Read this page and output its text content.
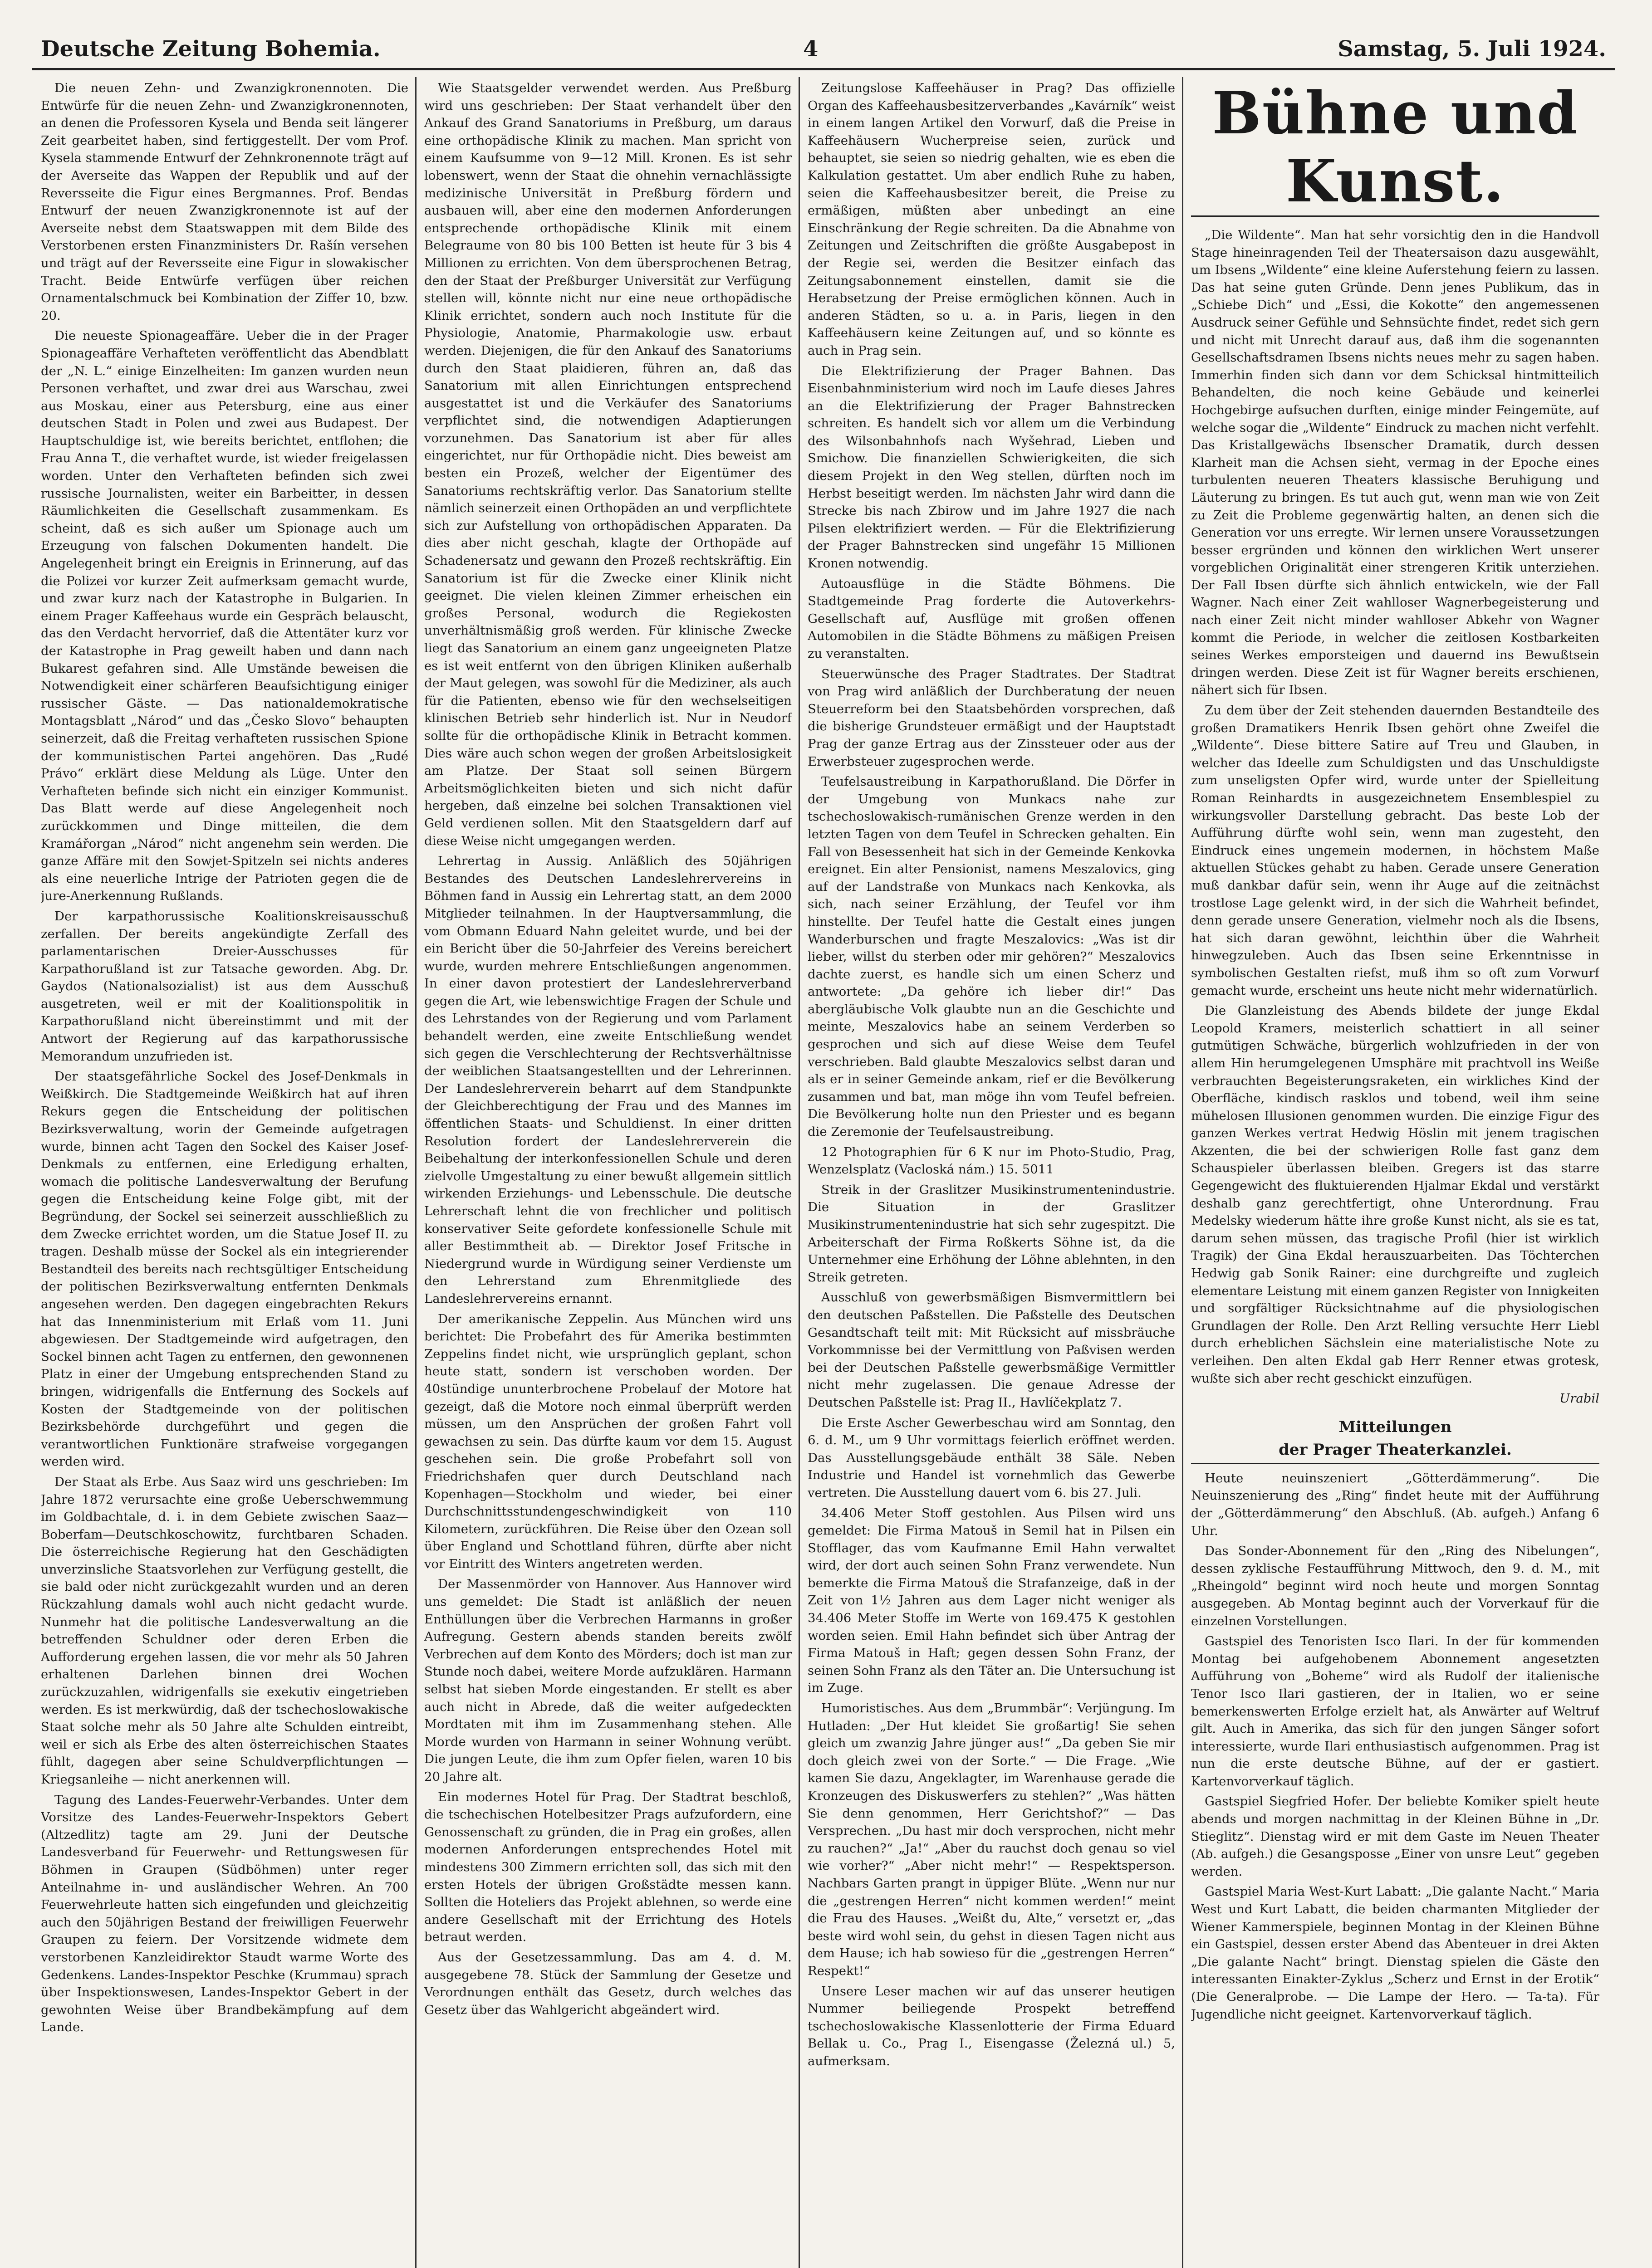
Deutsche Zeitung Bohemia.	4	Samstag, 5. Juli 1924.

Die neuen Zehn- und Zwanzigkronennoten. Die Entwürfe für die neuen Zehn- und Zwanzigkronennoten, an denen die Professoren Kysela und Benda seit längerer Zeit gearbeitet haben, sind fertiggestellt. Der vom Prof. Kysela stammende Entwurf der Zehnkronennote trägt auf der Averseite das Wappen der Republik und auf der Reversseite die Figur eines Bergmannes. Prof. Bendas Entwurf der neuen Zwanzigkronennote ist auf der Averseite nebst dem Staatswappen mit dem Bilde des Verstorbenen ersten Finanzministers Dr. Rašín versehen und trägt auf der Reversseite eine Figur in slowakischer Tracht. Beide Entwürfe verfügen über reichen Ornamentalschmuck bei Kombination der Ziffer 10, bzw. 20.

Die neueste Spionageaffäre. Ueber die in der Prager Spionageaffäre Verhafteten veröffentlicht das Abendblatt der „N. L.“ einige Einzelheiten: Im ganzen wurden neun Personen verhaftet, und zwar drei aus Warschau, zwei aus Moskau, einer aus Petersburg, eine aus einer deutschen Stadt in Polen und zwei aus Budapest. Der Hauptschuldige ist, wie bereits berichtet, entflohen; die Frau Anna T., die verhaftet wurde, ist wieder freigelassen worden. Unter den Verhafteten befinden sich zwei russische Journalisten, weiter ein Barbeitter, in dessen Räumlichkeiten die Gesellschaft zusammenkam. Es scheint, daß es sich außer um Spionage auch um Erzeugung von falschen Dokumenten handelt. Die Angelegenheit bringt ein Ereignis in Erinnerung, auf das die Polizei vor kurzer Zeit aufmerksam gemacht wurde, und zwar kurz nach der Katastrophe in Bulgarien. In einem Prager Kaffeehaus wurde ein Gespräch belauscht, das den Verdacht hervorrief, daß die Attentäter kurz vor der Katastrophe in Prag geweilt haben und dann nach Bukarest gefahren sind. Alle Umstände beweisen die Notwendigkeit einer schärferen Beaufsichtigung einiger russischer Gäste. — Das nationaldemokratische Montagsblatt „Národ“ und das „Česko Slovo“ behaupten seinerzeit, daß die Freitag verhafteten russischen Spione der kommunistischen Partei angehören. Das „Rudé Právo“ erklärt diese Meldung als Lüge. Unter den Verhafteten befinde sich nicht ein einziger Kommunist. Das Blatt werde auf diese Angelegenheit noch zurückkommen und Dinge mitteilen, die dem Kramářorgan „Národ“ nicht angenehm sein werden. Die ganze Affäre mit den Sowjet-Spitzeln sei nichts anderes als eine neuerliche Intrige der Patrioten gegen die de jure-Anerkennung Rußlands.

Der karpathorussische Koalitionskreisausschuß zerfallen. Der bereits angekündigte Zerfall des parlamentarischen Dreier-Ausschusses für Karpathorußland ist zur Tatsache geworden. Abg. Dr. Gaydos (Nationalsozialist) ist aus dem Ausschuß ausgetreten, weil er mit der Koalitionspolitik in Karpathorußland nicht übereinstimmt und mit der Antwort der Regierung auf das karpathorussische Memorandum unzufrieden ist.

Der staatsgefährliche Sockel des Josef-Denkmals in Weißkirch. Die Stadtgemeinde Weißkirch hat auf ihren Rekurs gegen die Entscheidung der politischen Bezirksverwaltung, worin der Gemeinde aufgetragen wurde, binnen acht Tagen den Sockel des Kaiser Josef-Denkmals zu entfernen, eine Erledigung erhalten, womach die politische Landesverwaltung der Berufung gegen die Entscheidung keine Folge gibt, mit der Begründung, der Sockel sei seinerzeit ausschließlich zu dem Zwecke errichtet worden, um die Statue Josef II. zu tragen. Deshalb müsse der Sockel als ein integrierender Bestandteil des bereits nach rechtsgültiger Entscheidung der politischen Bezirksverwaltung entfernten Denkmals angesehen werden. Den dagegen eingebrachten Rekurs hat das Innenministerium mit Erlaß vom 11. Juni abgewiesen. Der Stadtgemeinde wird aufgetragen, den Sockel binnen acht Tagen zu entfernen, den gewonnenen Platz in einer der Umgebung entsprechenden Stand zu bringen, widrigenfalls die Entfernung des Sockels auf Kosten der Stadtgemeinde von der politischen Bezirksbehörde durchgeführt und gegen die verantwortlichen Funktionäre strafweise vorgegangen werden wird.

Der Staat als Erbe. Aus Saaz wird uns geschrieben: Im Jahre 1872 verursachte eine große Ueberschwemmung im Goldbachtale, d. i. in dem Gebiete zwischen Saaz—Boberfam—Deutschkoschowitz, furchtbaren Schaden. Die österreichische Regierung hat den Geschädigten unverzinsliche Staatsvorlehen zur Verfügung gestellt, die sie bald oder nicht zurückgezahlt wurden und an deren Rückzahlung damals wohl auch nicht gedacht wurde. Nunmehr hat die politische Landesverwaltung an die betreffenden Schuldner oder deren Erben die Aufforderung ergehen lassen, die vor mehr als 50 Jahren erhaltenen Darlehen binnen drei Wochen zurückzuzahlen, widrigenfalls sie exekutiv eingetrieben werden. Es ist merkwürdig, daß der tschechoslowakische Staat solche mehr als 50 Jahre alte Schulden eintreibt, weil er sich als Erbe des alten österreichischen Staates fühlt, dagegen aber seine Schuldverpflichtungen — Kriegsanleihe — nicht anerkennen will.

Tagung des Landes-Feuerwehr-Verbandes. Unter dem Vorsitze des Landes-Feuerwehr-Inspektors Gebert (Altzedlitz) tagte am 29. Juni der Deutsche Landesverband für Feuerwehr- und Rettungswesen für Böhmen in Graupen (Südböhmen) unter reger Anteilnahme in- und ausländischer Wehren. An 700 Feuerwehrleute hatten sich eingefunden und gleichzeitig auch den 50jährigen Bestand der freiwilligen Feuerwehr Graupen zu feiern. Der Vorsitzende widmete dem verstorbenen Kanzleidirektor Staudt warme Worte des Gedenkens. Landes-Inspektor Peschke (Krummau) sprach über Inspektionswesen, Landes-Inspektor Gebert in der gewohnten Weise über Brandbekämpfung auf dem Lande.

Wie Staatsgelder verwendet werden. Aus Preßburg wird uns geschrieben: Der Staat verhandelt über den Ankauf des Grand Sanatoriums in Preßburg, um daraus eine orthopädische Klinik zu machen. Man spricht von einem Kaufsumme von 9—12 Mill. Kronen. Es ist sehr lobenswert, wenn der Staat die ohnehin vernachlässigte medizinische Universität in Preßburg fördern und ausbauen will, aber eine den modernen Anforderungen entsprechende orthopädische Klinik mit einem Belegraume von 80 bis 100 Betten ist heute für 3 bis 4 Millionen zu errichten. Von dem übersprochenen Betrag, den der Staat der Preßburger Universität zur Verfügung stellen will, könnte nicht nur eine neue orthopädische Klinik errichtet, sondern auch noch Institute für die Physiologie, Anatomie, Pharmakologie usw. erbaut werden. Diejenigen, die für den Ankauf des Sanatoriums durch den Staat plaidieren, führen an, daß das Sanatorium mit allen Einrichtungen entsprechend ausgestattet ist und die Verkäufer des Sanatoriums verpflichtet sind, die notwendigen Adaptierungen vorzunehmen. Das Sanatorium ist aber für alles eingerichtet, nur für Orthopädie nicht. Dies beweist am besten ein Prozeß, welcher der Eigentümer des Sanatoriums rechtskräftig verlor. Das Sanatorium stellte nämlich seinerzeit einen Orthopäden an und verpflichtete sich zur Aufstellung von orthopädischen Apparaten. Da dies aber nicht geschah, klagte der Orthopäde auf Schadenersatz und gewann den Prozeß rechtskräftig. Ein Sanatorium ist für die Zwecke einer Klinik nicht geeignet. Die vielen kleinen Zimmer erheischen ein großes Personal, wodurch die Regiekosten unverhältnismäßig groß werden. Für klinische Zwecke liegt das Sanatorium an einem ganz ungeeigneten Platze es ist weit entfernt von den übrigen Kliniken außerhalb der Maut gelegen, was sowohl für die Mediziner, als auch für die Patienten, ebenso wie für den wechselseitigen klinischen Betrieb sehr hinderlich ist. Nur in Neudorf sollte für die orthopädische Klinik in Betracht kommen. Dies wäre auch schon wegen der großen Arbeitslosigkeit am Platze. Der Staat soll seinen Bürgern Arbeitsmöglichkeiten bieten und sich nicht dafür hergeben, daß einzelne bei solchen Transaktionen viel Geld verdienen sollen. Mit den Staatsgeldern darf auf diese Weise nicht umgegangen werden.

Lehrertag in Aussig. Anläßlich des 50jährigen Bestandes des Deutschen Landeslehrervereins in Böhmen fand in Aussig ein Lehrertag statt, an dem 2000 Mitglieder teilnahmen. In der Hauptversammlung, die vom Obmann Eduard Nahn geleitet wurde, und bei der ein Bericht über die 50-Jahrfeier des Vereins bereichert wurde, wurden mehrere Entschließungen angenommen. In einer davon protestiert der Landeslehrerverband gegen die Art, wie lebenswichtige Fragen der Schule und des Lehrstandes von der Regierung und vom Parlament behandelt werden, eine zweite Entschließung wendet sich gegen die Verschlechterung der Rechtsverhältnisse der weiblichen Staatsangestellten und der Lehrerinnen. Der Landeslehrerverein beharrt auf dem Standpunkte der Gleichberechtigung der Frau und des Mannes im öffentlichen Staats- und Schuldienst. In einer dritten Resolution fordert der Landeslehrerverein die Beibehaltung der interkonfessionellen Schule und deren zielvolle Umgestaltung zu einer bewußt allgemein sittlich wirkenden Erziehungs- und Lebensschule. Die deutsche Lehrerschaft lehnt die von frechlicher und politisch konservativer Seite gefordete konfessionelle Schule mit aller Bestimmtheit ab. — Direktor Josef Fritsche in Niedergrund wurde in Würdigung seiner Verdienste um den Lehrerstand zum Ehrenmitgliede des Landeslehrervereins ernannt.

Der amerikanische Zeppelin. Aus München wird uns berichtet: Die Probefahrt des für Amerika bestimmten Zeppelins findet nicht, wie ursprünglich geplant, schon heute statt, sondern ist verschoben worden. Der 40stündige ununterbrochene Probelauf der Motore hat gezeigt, daß die Motore noch einmal überprüft werden müssen, um den Ansprüchen der großen Fahrt voll gewachsen zu sein. Das dürfte kaum vor dem 15. August geschehen sein. Die große Probefahrt soll von Friedrichshafen quer durch Deutschland nach Kopenhagen—Stockholm und wieder, bei einer Durchschnittsstundengeschwindigkeit von 110 Kilometern, zurückführen. Die Reise über den Ozean soll über England und Schottland führen, dürfte aber nicht vor Eintritt des Winters angetreten werden.

Der Massenmörder von Hannover. Aus Hannover wird uns gemeldet: Die Stadt ist anläßlich der neuen Enthüllungen über die Verbrechen Harmanns in großer Aufregung. Gestern abends standen bereits zwölf Verbrechen auf dem Konto des Mörders; doch ist man zur Stunde noch dabei, weitere Morde aufzuklären. Harmann selbst hat sieben Morde eingestanden. Er stellt es aber auch nicht in Abrede, daß die weiter aufgedeckten Mordtaten mit ihm im Zusammenhang stehen. Alle Morde wurden von Harmann in seiner Wohnung verübt. Die jungen Leute, die ihm zum Opfer fielen, waren 10 bis 20 Jahre alt.

Ein modernes Hotel für Prag. Der Stadtrat beschloß, die tschechischen Hotelbesitzer Prags aufzufordern, eine Genossenschaft zu gründen, die in Prag ein großes, allen modernen Anforderungen entsprechendes Hotel mit mindestens 300 Zimmern errichten soll, das sich mit den ersten Hotels der übrigen Großstädte messen kann. Sollten die Hoteliers das Projekt ablehnen, so werde eine andere Gesellschaft mit der Errichtung des Hotels betraut werden.

Aus der Gesetzessammlung. Das am 4. d. M. ausgegebene 78. Stück der Sammlung der Gesetze und Verordnungen enthält das Gesetz, durch welches das Gesetz über das Wahlgericht abgeändert wird.

Zeitungslose Kaffeehäuser in Prag? Das offizielle Organ des Kaffeehausbesitzerverbandes „Kavárník“ weist in einem langen Artikel den Vorwurf, daß die Preise in Kaffeehäusern Wucherpreise seien, zurück und behauptet, sie seien so niedrig gehalten, wie es eben die Kalkulation gestattet. Um aber endlich Ruhe zu haben, seien die Kaffeehausbesitzer bereit, die Preise zu ermäßigen, müßten aber unbedingt an eine Einschränkung der Regie schreiten. Da die Abnahme von Zeitungen und Zeitschriften die größte Ausgabepost in der Regie sei, werden die Besitzer einfach das Zeitungsabonnement einstellen, damit sie die Herabsetzung der Preise ermöglichen können. Auch in anderen Städten, so u. a. in Paris, liegen in den Kaffeehäusern keine Zeitungen auf, und so könnte es auch in Prag sein.

Die Elektrifizierung der Prager Bahnen. Das Eisenbahnministerium wird noch im Laufe dieses Jahres an die Elektrifizierung der Prager Bahnstrecken schreiten. Es handelt sich vor allem um die Verbindung des Wilsonbahnhofs nach Wyšehrad, Lieben und Smichow. Die finanziellen Schwierigkeiten, die sich diesem Projekt in den Weg stellen, dürften noch im Herbst beseitigt werden. Im nächsten Jahr wird dann die Strecke bis nach Zbirow und im Jahre 1927 die nach Pilsen elektrifiziert werden. — Für die Elektrifizierung der Prager Bahnstrecken sind ungefähr 15 Millionen Kronen notwendig.

Autoausflüge in die Städte Böhmens. Die Stadtgemeinde Prag forderte die Autoverkehrs-Gesellschaft auf, Ausflüge mit großen offenen Automobilen in die Städte Böhmens zu mäßigen Preisen zu veranstalten.

Steuerwünsche des Prager Stadtrates. Der Stadtrat von Prag wird anläßlich der Durchberatung der neuen Steuerreform bei den Staatsbehörden vorsprechen, daß die bisherige Grundsteuer ermäßigt und der Hauptstadt Prag der ganze Ertrag aus der Zinssteuer oder aus der Erwerbsteuer zugesprochen werde.

Teufelsaustreibung in Karpathorußland. Die Dörfer in der Umgebung von Munkacs nahe zur tschechoslowakisch-rumänischen Grenze werden in den letzten Tagen von dem Teufel in Schrecken gehalten. Ein Fall von Besessenheit hat sich in der Gemeinde Kenkovka ereignet. Ein alter Pensionist, namens Meszalovics, ging auf der Landstraße von Munkacs nach Kenkovka, als sich, nach seiner Erzählung, der Teufel vor ihm hinstellte. Der Teufel hatte die Gestalt eines jungen Wanderburschen und fragte Meszalovics: „Was ist dir lieber, willst du sterben oder mir gehören?“ Meszalovics dachte zuerst, es handle sich um einen Scherz und antwortete: „Da gehöre ich lieber dir!“ Das abergläubische Volk glaubte nun an die Geschichte und meinte, Meszalovics habe an seinem Verderben so gesprochen und sich auf diese Weise dem Teufel verschrieben. Bald glaubte Meszalovics selbst daran und als er in seiner Gemeinde ankam, rief er die Bevölkerung zusammen und bat, man möge ihn vom Teufel befreien. Die Bevölkerung holte nun den Priester und es begann die Zeremonie der Teufelsaustreibung.

12 Photographien für 6 K nur im Photo-Studio, Prag, Wenzelsplatz (Vacloská nám.) 15. 5011

Streik in der Graslitzer Musikinstrumentenindustrie. Die Situation in der Graslitzer Musikinstrumentenindustrie hat sich sehr zugespitzt. Die Arbeiterschaft der Firma Roßkerts Söhne ist, da die Unternehmer eine Erhöhung der Löhne ablehnten, in den Streik getreten.

Ausschluß von gewerbsmäßigen Bismvermittlern bei den deutschen Paßstellen. Die Paßstelle des Deutschen Gesandtschaft teilt mit: Mit Rücksicht auf missbräuche Vorkommnisse bei der Vermittlung von Paßvisen werden bei der Deutschen Paßstelle gewerbsmäßige Vermittler nicht mehr zugelassen. Die genaue Adresse der Deutschen Paßstelle ist: Prag II., Havlíčekplatz 7.

Die Erste Ascher Gewerbeschau wird am Sonntag, den 6. d. M., um 9 Uhr vormittags feierlich eröffnet werden. Das Ausstellungsgebäude enthält 38 Säle. Neben Industrie und Handel ist vornehmlich das Gewerbe vertreten. Die Ausstellung dauert vom 6. bis 27. Juli.

34.406 Meter Stoff gestohlen. Aus Pilsen wird uns gemeldet: Die Firma Matouš in Semil hat in Pilsen ein Stofflager, das vom Kaufmanne Emil Hahn verwaltet wird, der dort auch seinen Sohn Franz verwendete. Nun bemerkte die Firma Matouš die Strafanzeige, daß in der Zeit von 1½ Jahren aus dem Lager nicht weniger als 34.406 Meter Stoffe im Werte von 169.475 K gestohlen worden seien. Emil Hahn befindet sich über Antrag der Firma Matouš in Haft; gegen dessen Sohn Franz, der seinen Sohn Franz als den Täter an. Die Untersuchung ist im Zuge.

Humoristisches. Aus dem „Brummbär“: Verjüngung. Im Hutladen: „Der Hut kleidet Sie großartig! Sie sehen gleich um zwanzig Jahre jünger aus!“ „Da geben Sie mir doch gleich zwei von der Sorte.“ — Die Frage. „Wie kamen Sie dazu, Angeklagter, im Warenhause gerade die Kronzeugen des Diskuswerfers zu stehlen?“ „Was hätten Sie denn genommen, Herr Gerichtshof?“ — Das Versprechen. „Du hast mir doch versprochen, nicht mehr zu rauchen?“ „Ja!“ „Aber du rauchst doch genau so viel wie vorher?“ „Aber nicht mehr!“ — Respektsperson. Nachbars Garten prangt in üppiger Blüte. „Wenn nur nur die „gestrengen Herren“ nicht kommen werden!“ meint die Frau des Hauses. „Weißt du, Alte,“ versetzt er, „das beste wird wohl sein, du gehst in diesen Tagen nicht aus dem Hause; ich hab sowieso für die „gestrengen Herren“ Respekt!“

Unsere Leser machen wir auf das unserer heutigen Nummer beiliegende Prospekt betreffend tschechoslowakische Klassenlotterie der Firma Eduard Bellak u. Co., Prag I., Eisengasse (Železná ul.) 5, aufmerksam.

Bühne und Kunst.

„Die Wildente“. Man hat sehr vorsichtig den in die Handvoll Stage hineinragenden Teil der Theatersaison dazu ausgewählt, um Ibsens „Wildente“ eine kleine Auferstehung feiern zu lassen. Das hat seine guten Gründe. Denn jenes Publikum, das in „Schiebe Dich“ und „Essi, die Kokotte“ den angemessenen Ausdruck seiner Gefühle und Sehnsüchte findet, redet sich gern und nicht mit Unrecht darauf aus, daß ihm die sogenannten Gesellschaftsdramen Ibsens nichts neues mehr zu sagen haben. Immerhin finden sich dann vor dem Schicksal hintmitteilich Behandelten, die noch keine Gebäude und keinerlei Hochgebirge aufsuchen durften, einige minder Feingemüte, auf welche sogar die „Wildente“ Eindruck zu machen nicht verfehlt. Das Kristallgewächs Ibsenscher Dramatik, durch dessen Klarheit man die Achsen sieht, vermag in der Epoche eines turbulenten neueren Theaters klassische Beruhigung und Läuterung zu bringen. Es tut auch gut, wenn man wie von Zeit zu Zeit die Probleme gegenwärtig halten, an denen sich die Generation vor uns erregte. Wir lernen unsere Voraussetzungen besser ergründen und können den wirklichen Wert unserer vorgeblichen Originalität einer strengeren Kritik unterziehen. Der Fall Ibsen dürfte sich ähnlich entwickeln, wie der Fall Wagner. Nach einer Zeit wahlloser Wagnerbegeisterung und nach einer Zeit nicht minder wahlloser Abkehr von Wagner kommt die Periode, in welcher die zeitlosen Kostbarkeiten seines Werkes emporsteigen und dauernd ins Bewußtsein dringen werden. Diese Zeit ist für Wagner bereits erschienen, nähert sich für Ibsen.

Zu dem über der Zeit stehenden dauernden Bestandteile des großen Dramatikers Henrik Ibsen gehört ohne Zweifel die „Wildente“. Diese bittere Satire auf Treu und Glauben, in welcher das Ideelle zum Schuldigsten und das Unschuldigste zum unseligsten Opfer wird, wurde unter der Spielleitung Roman Reinhardts in ausgezeichnetem Ensemblespiel zu wirkungsvoller Darstellung gebracht. Das beste Lob der Aufführung dürfte wohl sein, wenn man zugesteht, den Eindruck eines ungemein modernen, in höchstem Maße aktuellen Stückes gehabt zu haben. Gerade unsere Generation muß dankbar dafür sein, wenn ihr Auge auf die zeitnächst trostlose Lage gelenkt wird, in der sich die Wahrheit befindet, denn gerade unsere Generation, vielmehr noch als die Ibsens, hat sich daran gewöhnt, leichthin über die Wahrheit hinwegzuleben. Auch das Ibsen seine Erkenntnisse in symbolischen Gestalten riefst, muß ihm so oft zum Vorwurf gemacht wurde, erscheint uns heute nicht mehr widernatürlich.

Die Glanzleistung des Abends bildete der junge Ekdal Leopold Kramers, meisterlich schattiert in all seiner gutmütigen Schwäche, bürgerlich wohlzufrieden in der von allem Hin herumgelegenen Umsphäre mit prachtvoll ins Weiße verbrauchten Begeisterungsraketen, ein wirkliches Kind der Oberfläche, kindisch rasklos und tobend, weil ihm seine mühelosen Illusionen genommen wurden. Die einzige Figur des ganzen Werkes vertrat Hedwig Höslin mit jenem tragischen Akzenten, die bei der schwierigen Rolle fast ganz dem Schauspieler überlassen bleiben. Gregers ist das starre Gegengewicht des fluktuierenden Hjalmar Ekdal und verstärkt deshalb ganz gerechtfertigt, ohne Unterordnung. Frau Medelsky wiederum hätte ihre große Kunst nicht, als sie es tat, darum sehen müssen, das tragische Profil (hier ist wirklich Tragik) der Gina Ekdal herauszuarbeiten. Das Töchterchen Hedwig gab Sonik Rainer: eine durchgreifte und zugleich elementare Leistung mit einem ganzen Register von Innigkeiten und sorgfältiger Rücksichtnahme auf die physiologischen Grundlagen der Rolle. Den Arzt Relling versuchte Herr Liebl durch erheblichen Sächslein eine materialistische Note zu verleihen. Den alten Ekdal gab Herr Renner etwas grotesk, wußte sich aber recht geschickt einzufügen.

Urabil

Mitteilungen
der Prager Theaterkanzlei.

Heute neuinszeniert „Götterdämmerung“. Die Neuinszenierung des „Ring“ findet heute mit der Aufführung der „Götterdämmerung“ den Abschluß. (Ab. aufgeh.) Anfang 6 Uhr.

Das Sonder-Abonnement für den „Ring des Nibelungen“, dessen zyklische Festaufführung Mittwoch, den 9. d. M., mit „Rheingold“ beginnt wird noch heute und morgen Sonntag ausgegeben. Ab Montag beginnt auch der Vorverkauf für die einzelnen Vorstellungen.

Gastspiel des Tenoristen Isco Ilari. In der für kommenden Montag bei aufgehobenem Abonnement angesetzten Aufführung von „Boheme“ wird als Rudolf der italienische Tenor Isco Ilari gastieren, der in Italien, wo er seine bemerkenswerten Erfolge erzielt hat, als Anwärter auf Weltruf gilt. Auch in Amerika, das sich für den jungen Sänger sofort interessierte, wurde Ilari enthusiastisch aufgenommen. Prag ist nun die erste deutsche Bühne, auf der er gastiert. Kartenvorverkauf täglich.

Gastspiel Siegfried Hofer. Der beliebte Komiker spielt heute abends und morgen nachmittag in der Kleinen Bühne in „Dr. Stieglitz“. Dienstag wird er mit dem Gaste im Neuen Theater (Ab. aufgeh.) die Gesangsposse „Einer von unsre Leut“ gegeben werden.

Gastspiel Maria West-Kurt Labatt: „Die galante Nacht.“ Maria West und Kurt Labatt, die beiden charmanten Mitglieder der Wiener Kammerspiele, beginnen Montag in der Kleinen Bühne ein Gastspiel, dessen erster Abend das Abenteuer in drei Akten „Die galante Nacht“ bringt. Dienstag spielen die Gäste den interessanten Einakter-Zyklus „Scherz und Ernst in der Erotik“ (Die Generalprobe. — Die Lampe der Hero. — Ta-ta). Für Jugendliche nicht geeignet. Kartenvorverkauf täglich.
